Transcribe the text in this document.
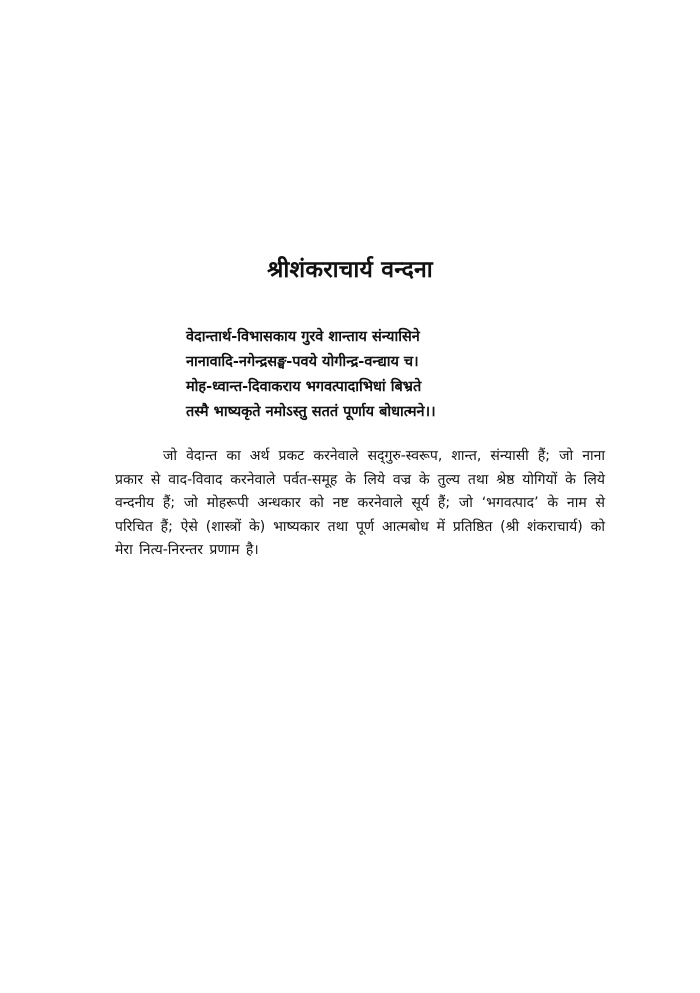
श्रीशंकराचार्य वन्दना
वेदान्तार्थ-विभासकाय गुरवे शान्ताय संन्यासिने
नानावादि-नगेन्द्रसङ्घ-पवये योगीन्द्र-वन्द्याय च।
मोह-ध्वान्त-दिवाकराय भगवत्पादाभिधां बिभ्रते
तस्मै भाष्यकृते नमोऽस्तु सततं पूर्णाय बोधात्मने।।

जो वेदान्त का अर्थ प्रकट करनेवाले सद्‌गुरु-स्वरूप, शान्त, संन्यासी हैं; जो नाना प्रकार से वाद-विवाद करनेवाले पर्वत-समूह के लिये वज्र के तुल्य तथा श्रेष्ठ योगियों के लिये वन्दनीय हैं; जो मोहरूपी अन्धकार को नष्ट करनेवाले सूर्य हैं; जो ‘भगवत्पाद’ के नाम से परिचित हैं; ऐसे (शास्त्रों के) भाष्यकार तथा पूर्ण आत्मबोध में प्रतिष्ठित (श्री शंकराचार्य) को मेरा नित्य-निरन्तर प्रणाम है।
